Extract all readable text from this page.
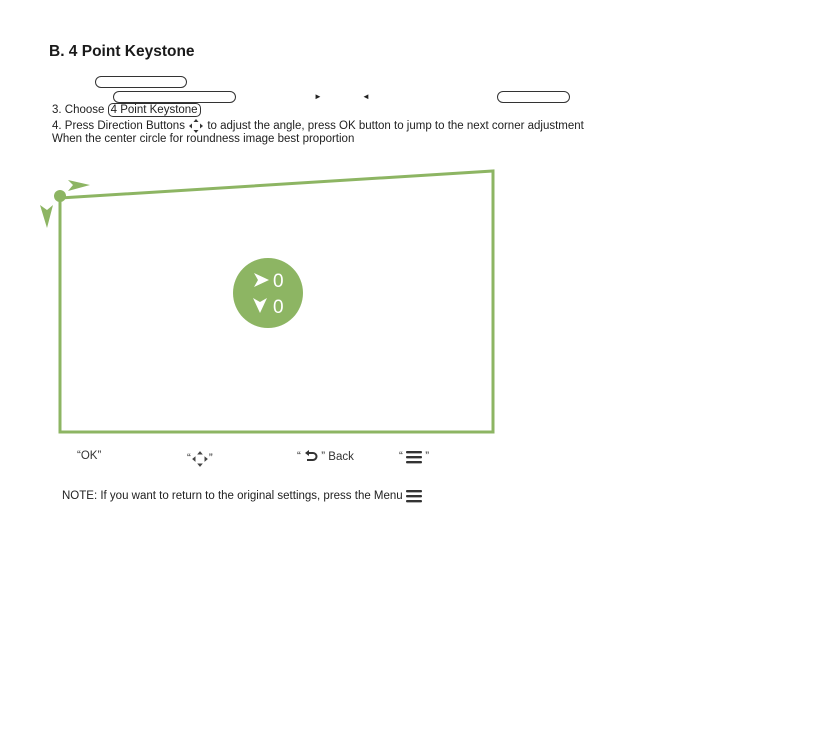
B. 4 Point Keystone
►	◄
3. Choose 4 Point Keystone
4. Press Direction Buttons  to adjust the angle, press OK button to jump to the next corner adjustment
When the center circle for roundness image best proportion
0
0
“OK”	“ ”	“ ” Back	“ ”
NOTE: If you want to return to the original settings, press the Menu
